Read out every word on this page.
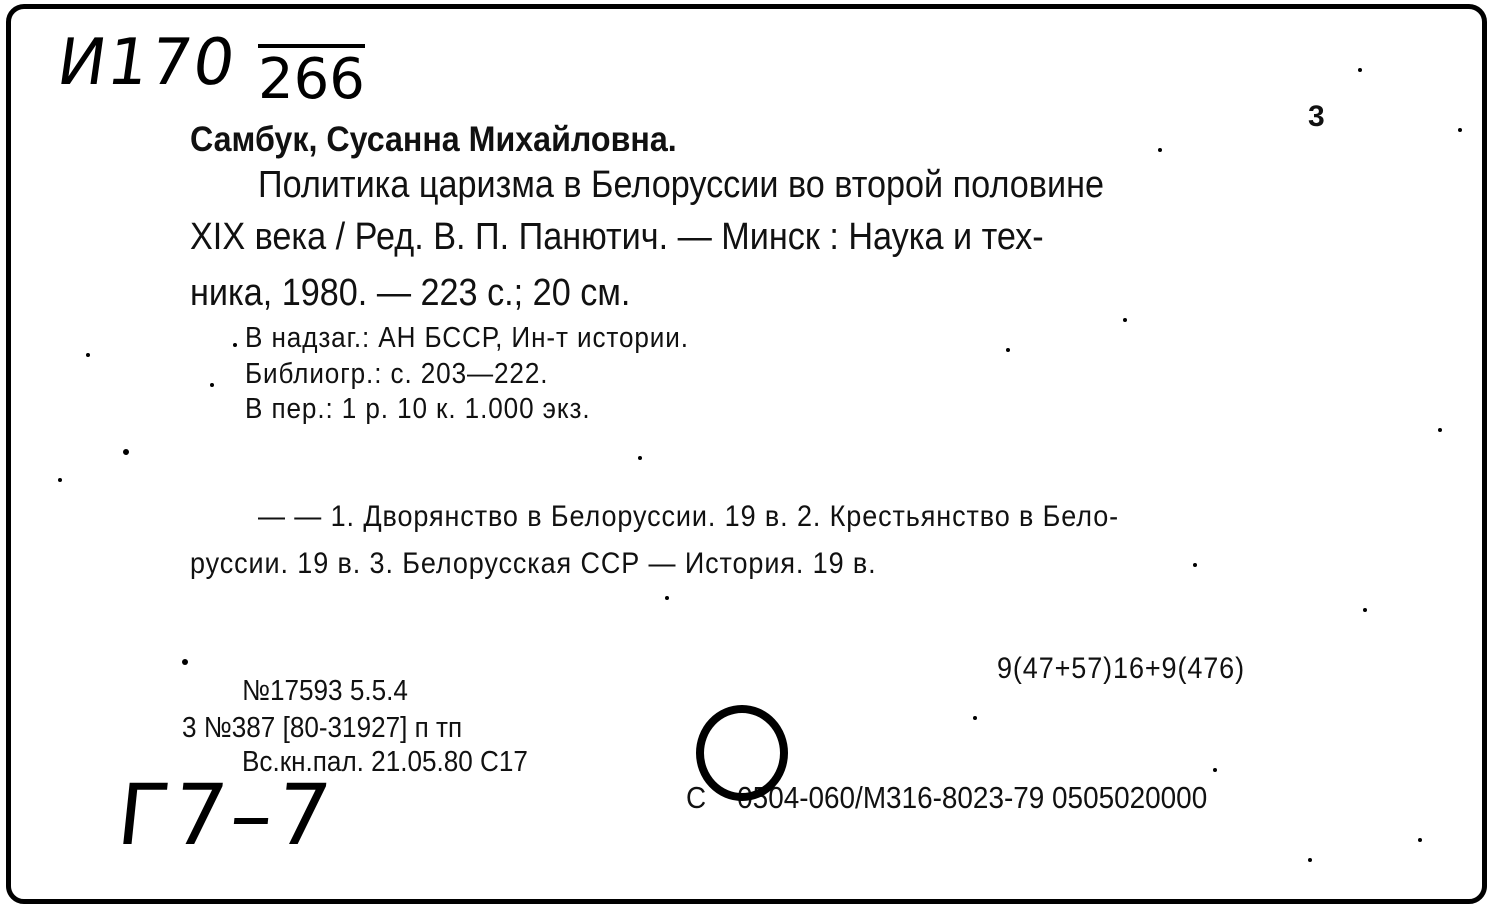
И170 266
3
Самбук, Сусанна Михайловна.
Политика царизма в Белоруссии во второй половине
XIX века / Ред. В. П. Панютич. — Минск : Наука и тех-
ника, 1980. — 223 с.; 20 см.
В надзаг.: АН БССР, Ин-т истории.
Библиогр.: с. 203—222.
В пер.: 1 р. 10 к. 1.000 экз.
— — 1. Дворянство в Белоруссии. 19 в. 2. Крестьянство в Бело-
руссии. 19 в. 3. Белорусская ССР — История. 19 в.
9(47+57)16+9(476)
№17593 5.5.4
3 №387 [80-31927] п тп
Вс.кн.пал. 21.05.80 С17
С    0504-060/М316-8023-79 0505020000
Г7–7
